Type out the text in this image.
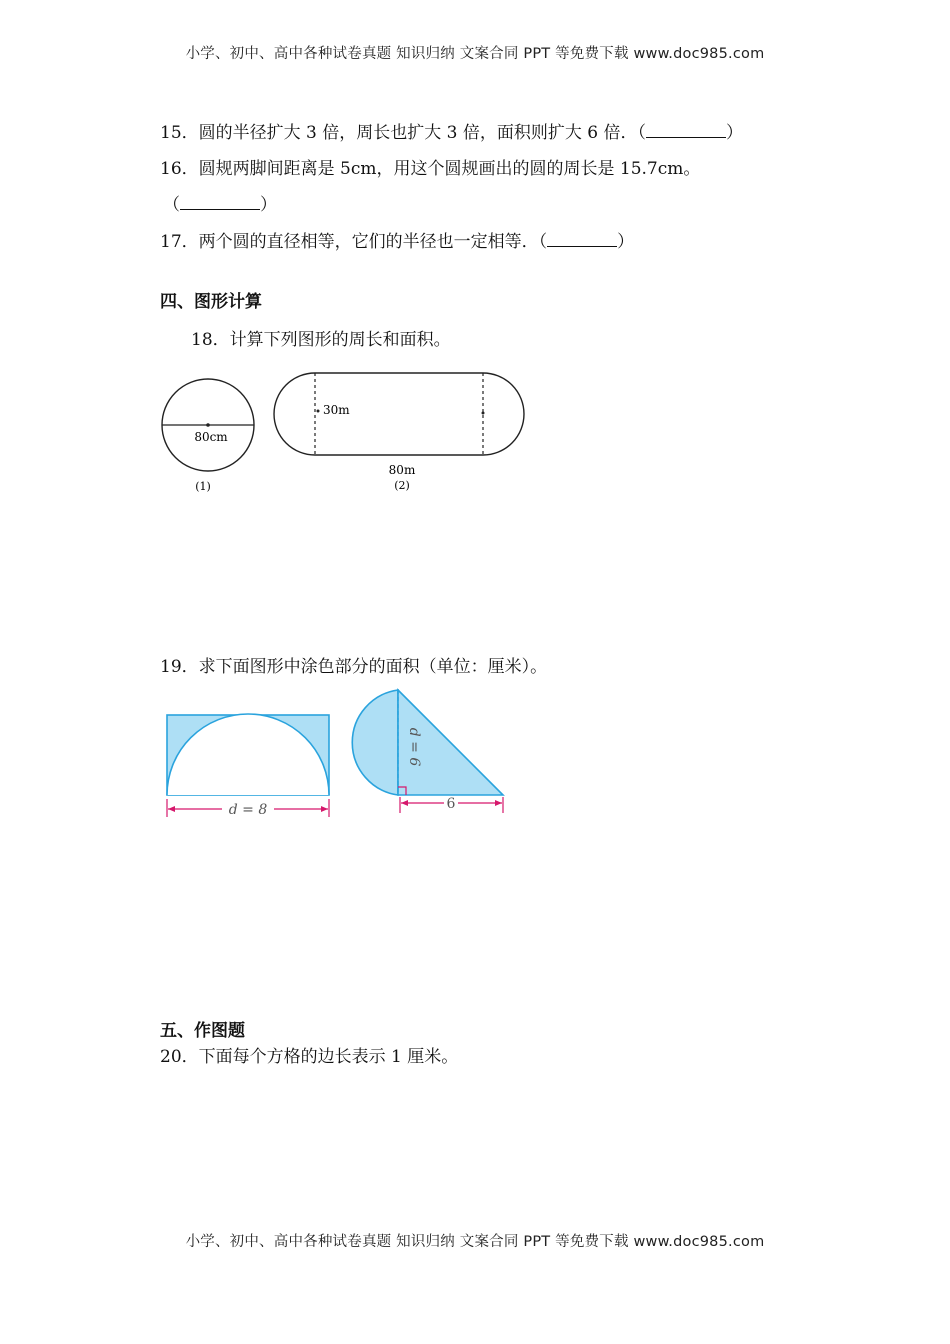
小学、初中、高中各种试卷真题 知识归纳 文案合同 PPT 等免费下载 www.doc985.com
15．圆的半径扩大 3 倍，周长也扩大 3 倍，面积则扩大 6 倍．（	）
16．圆规两脚间距离是 5cm，用这个圆规画出的圆的周长是 15.7cm。
（	）
17．两个圆的直径相等，它们的半径也一定相等．（	）
四、图形计算
18．计算下列图形的周长和面积。
80cm
(1)
30m
80m
(2)
19．求下面图形中涂色部分的面积（单位：厘米）。
d = 8
d = 6
6
五、作图题
20．下面每个方格的边长表示 1 厘米。
小学、初中、高中各种试卷真题 知识归纳 文案合同 PPT 等免费下载 www.doc985.com
